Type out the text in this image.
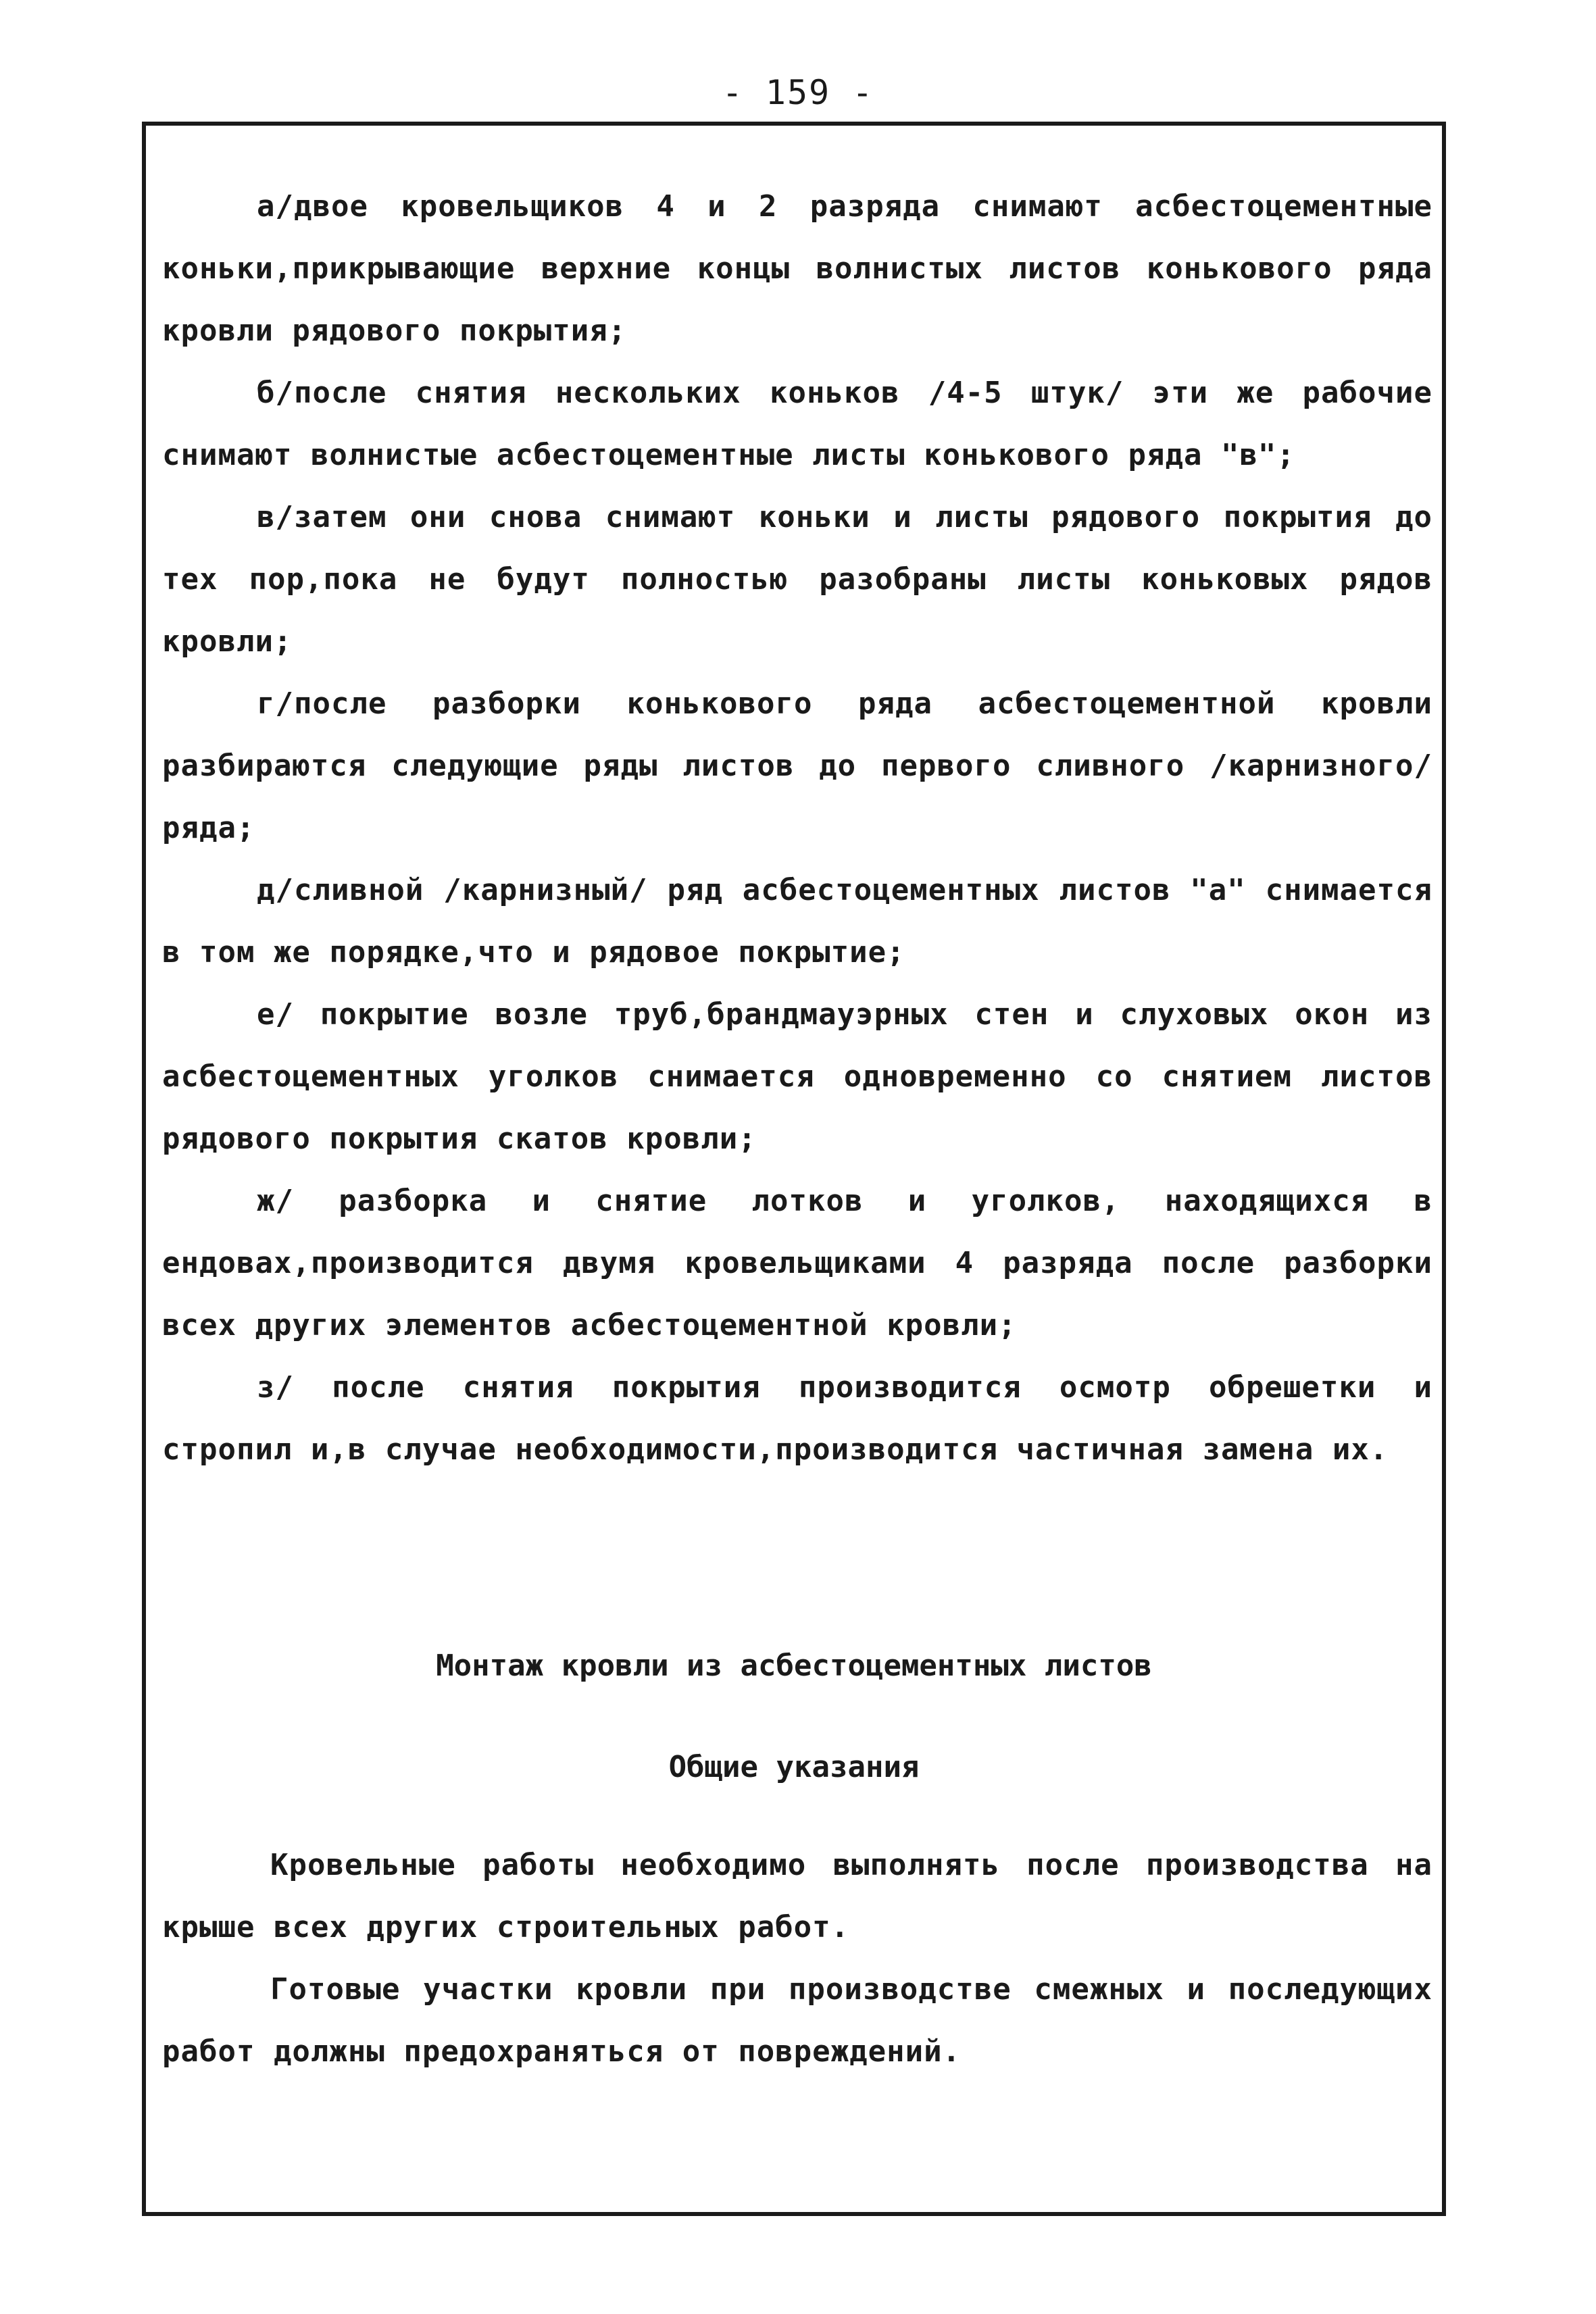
- 159 -

а/двое кровельщиков 4 и 2 разряда снимают асбестоцементные коньки,прикрывающие верхние концы волнистых листов конькового ряда кровли рядового покрытия;

б/после снятия нескольких коньков /4-5 штук/ эти же рабочие снимают волнистые асбестоцементные листы конькового ряда "в";

в/затем они снова снимают коньки и листы рядового покрытия до тех пор,пока не будут полностью разобраны листы коньковых рядов кровли;

г/после разборки конькового ряда асбестоцементной кровли разбираются следующие ряды листов до первого сливного /карнизного/ ряда;

д/сливной /карнизный/ ряд асбестоцементных листов "а" снимается в том же порядке,что и рядовое покрытие;

е/ покрытие возле труб,брандмауэрных стен и слуховых окон из асбестоцементных уголков снимается одновременно со снятием листов рядового покрытия скатов кровли;

ж/ разборка и снятие лотков и уголков, находящихся в ендовах,производится двумя кровельщиками 4 разряда после разборки всех других элементов асбестоцементной кровли;

з/ после снятия покрытия производится осмотр обрешетки и стропил и,в случае необходимости,производится частичная замена их.

Монтаж кровли из асбестоцементных листов
Общие указания

Кровельные работы необходимо выполнять после производства на крыше всех других строительных работ.

Готовые участки кровли при производстве смежных и последующих работ должны предохраняться от повреждений.
